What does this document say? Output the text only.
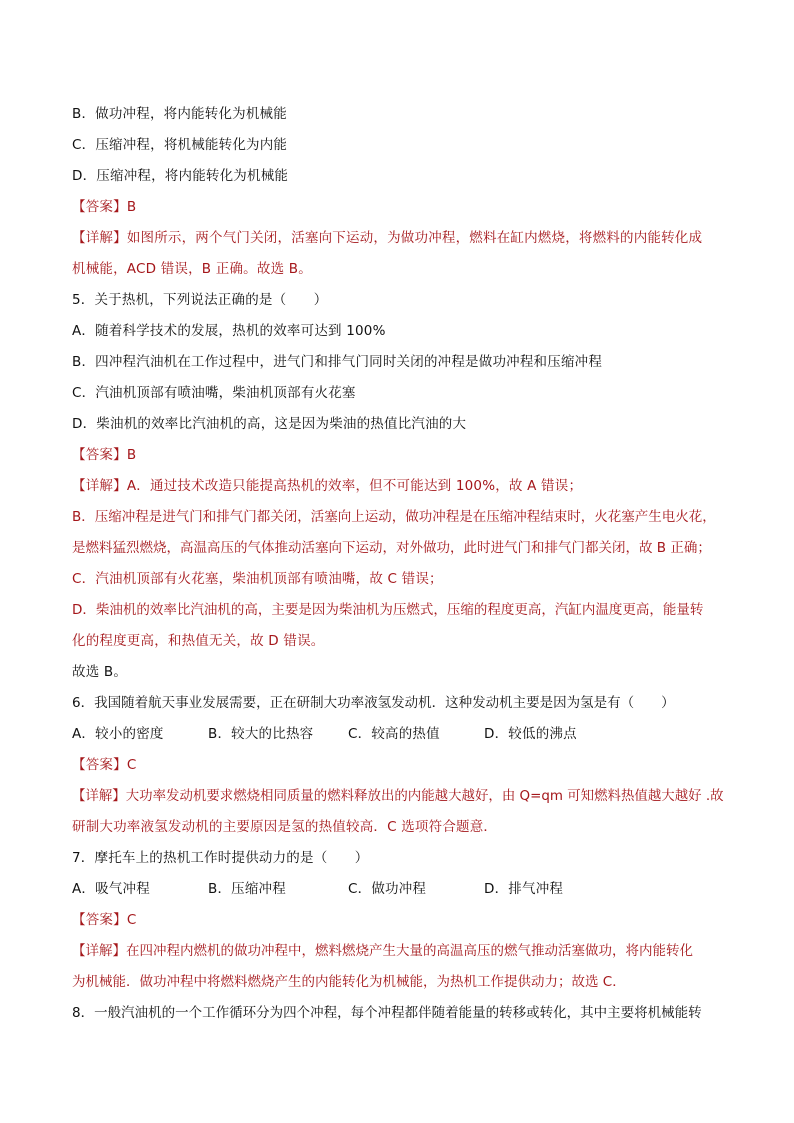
B．做功冲程，将内能转化为机械能
C．压缩冲程，将机械能转化为内能
D．压缩冲程，将内能转化为机械能
【答案】B
【详解】如图所示，两个气门关闭，活塞向下运动，为做功冲程，燃料在缸内燃烧，将燃料的内能转化成
机械能，ACD 错误，B 正确。故选 B。
5．关于热机，下列说法正确的是（　　）
A．随着科学技术的发展，热机的效率可达到 100%
B．四冲程汽油机在工作过程中，进气门和排气门同时关闭的冲程是做功冲程和压缩冲程
C．汽油机顶部有喷油嘴，柴油机顶部有火花塞
D．柴油机的效率比汽油机的高，这是因为柴油的热值比汽油的大
【答案】B
【详解】A．通过技术改造只能提高热机的效率，但不可能达到 100%，故 A 错误；
B．压缩冲程是进气门和排气门都关闭，活塞向上运动，做功冲程是在压缩冲程结束时，火花塞产生电火花，
是燃料猛烈燃烧，高温高压的气体推动活塞向下运动，对外做功，此时进气门和排气门都关闭，故 B 正确；
C．汽油机顶部有火花塞，柴油机顶部有喷油嘴，故 C 错误；
D．柴油机的效率比汽油机的高，主要是因为柴油机为压燃式，压缩的程度更高，汽缸内温度更高，能量转
化的程度更高，和热值无关，故 D 错误。
故选 B。
6．我国随着航天事业发展需要，正在研制大功率液氢发动机．这种发动机主要是因为氢是有（　　）
A．较小的密度	B．较大的比热容	C．较高的热值	D．较低的沸点
【答案】C
【详解】大功率发动机要求燃烧相同质量的燃料释放出的内能越大越好，由 Q=qm 可知燃料热值越大越好 .故
研制大功率液氢发动机的主要原因是氢的热值较高．C 选项符合题意．
7．摩托车上的热机工作时提供动力的是（　　）
A．吸气冲程	B．压缩冲程	C．做功冲程	D．排气冲程
【答案】C
【详解】在四冲程内燃机的做功冲程中，燃料燃烧产生大量的高温高压的燃气推动活塞做功，将内能转化
为机械能．做功冲程中将燃料燃烧产生的内能转化为机械能，为热机工作提供动力；故选 C．
8．一般汽油机的一个工作循环分为四个冲程，每个冲程都伴随着能量的转移或转化，其中主要将机械能转
